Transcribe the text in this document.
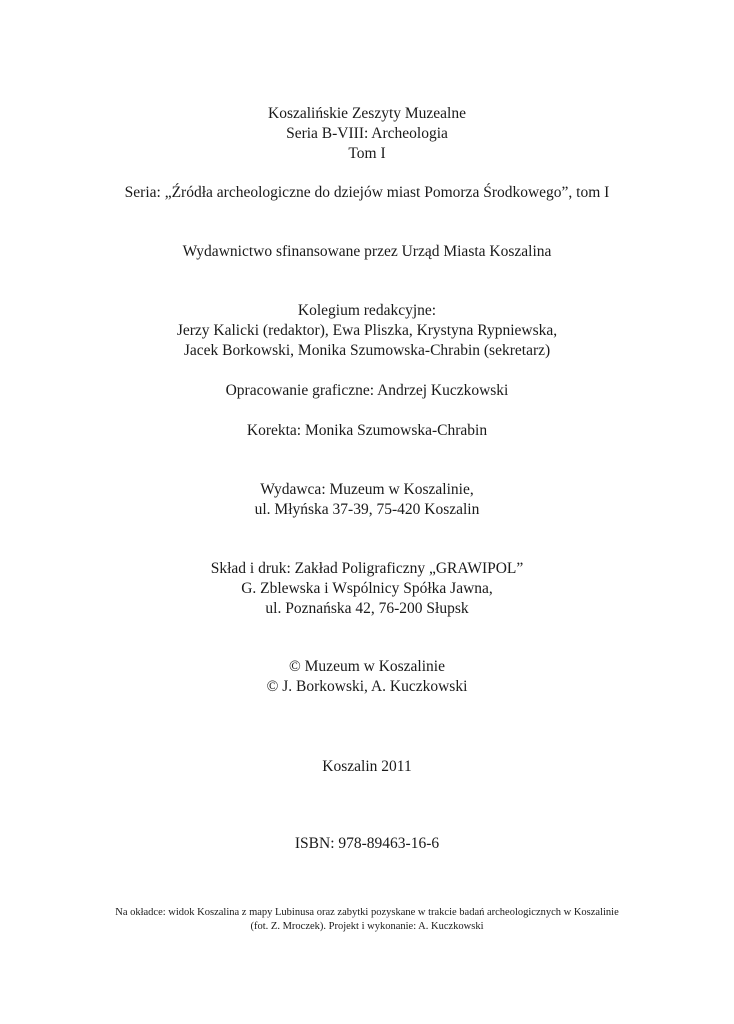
Koszalińskie Zeszyty Muzealne
Seria B-VIII: Archeologia
Tom I
Seria: „Źródła archeologiczne do dziejów miast Pomorza Środkowego”, tom I
Wydawnictwo sfinansowane przez Urząd Miasta Koszalina
Kolegium redakcyjne:
Jerzy Kalicki (redaktor), Ewa Pliszka, Krystyna Rypniewska,
Jacek Borkowski, Monika Szumowska-Chrabin (sekretarz)
Opracowanie graficzne: Andrzej Kuczkowski
Korekta: Monika Szumowska-Chrabin
Wydawca: Muzeum w Koszalinie,
ul. Młyńska 37-39, 75-420 Koszalin
Skład i druk: Zakład Poligraficzny „GRAWIPOL”
G. Zblewska i Wspólnicy Spółka Jawna,
ul. Poznańska 42, 76-200 Słupsk
© Muzeum w Koszalinie
© J. Borkowski, A. Kuczkowski
Koszalin 2011
ISBN: 978-89463-16-6
Na okładce: widok Koszalina z mapy Lubinusa oraz zabytki pozyskane w trakcie badań archeologicznych w Koszalinie
(fot. Z. Mroczek). Projekt i wykonanie: A. Kuczkowski
